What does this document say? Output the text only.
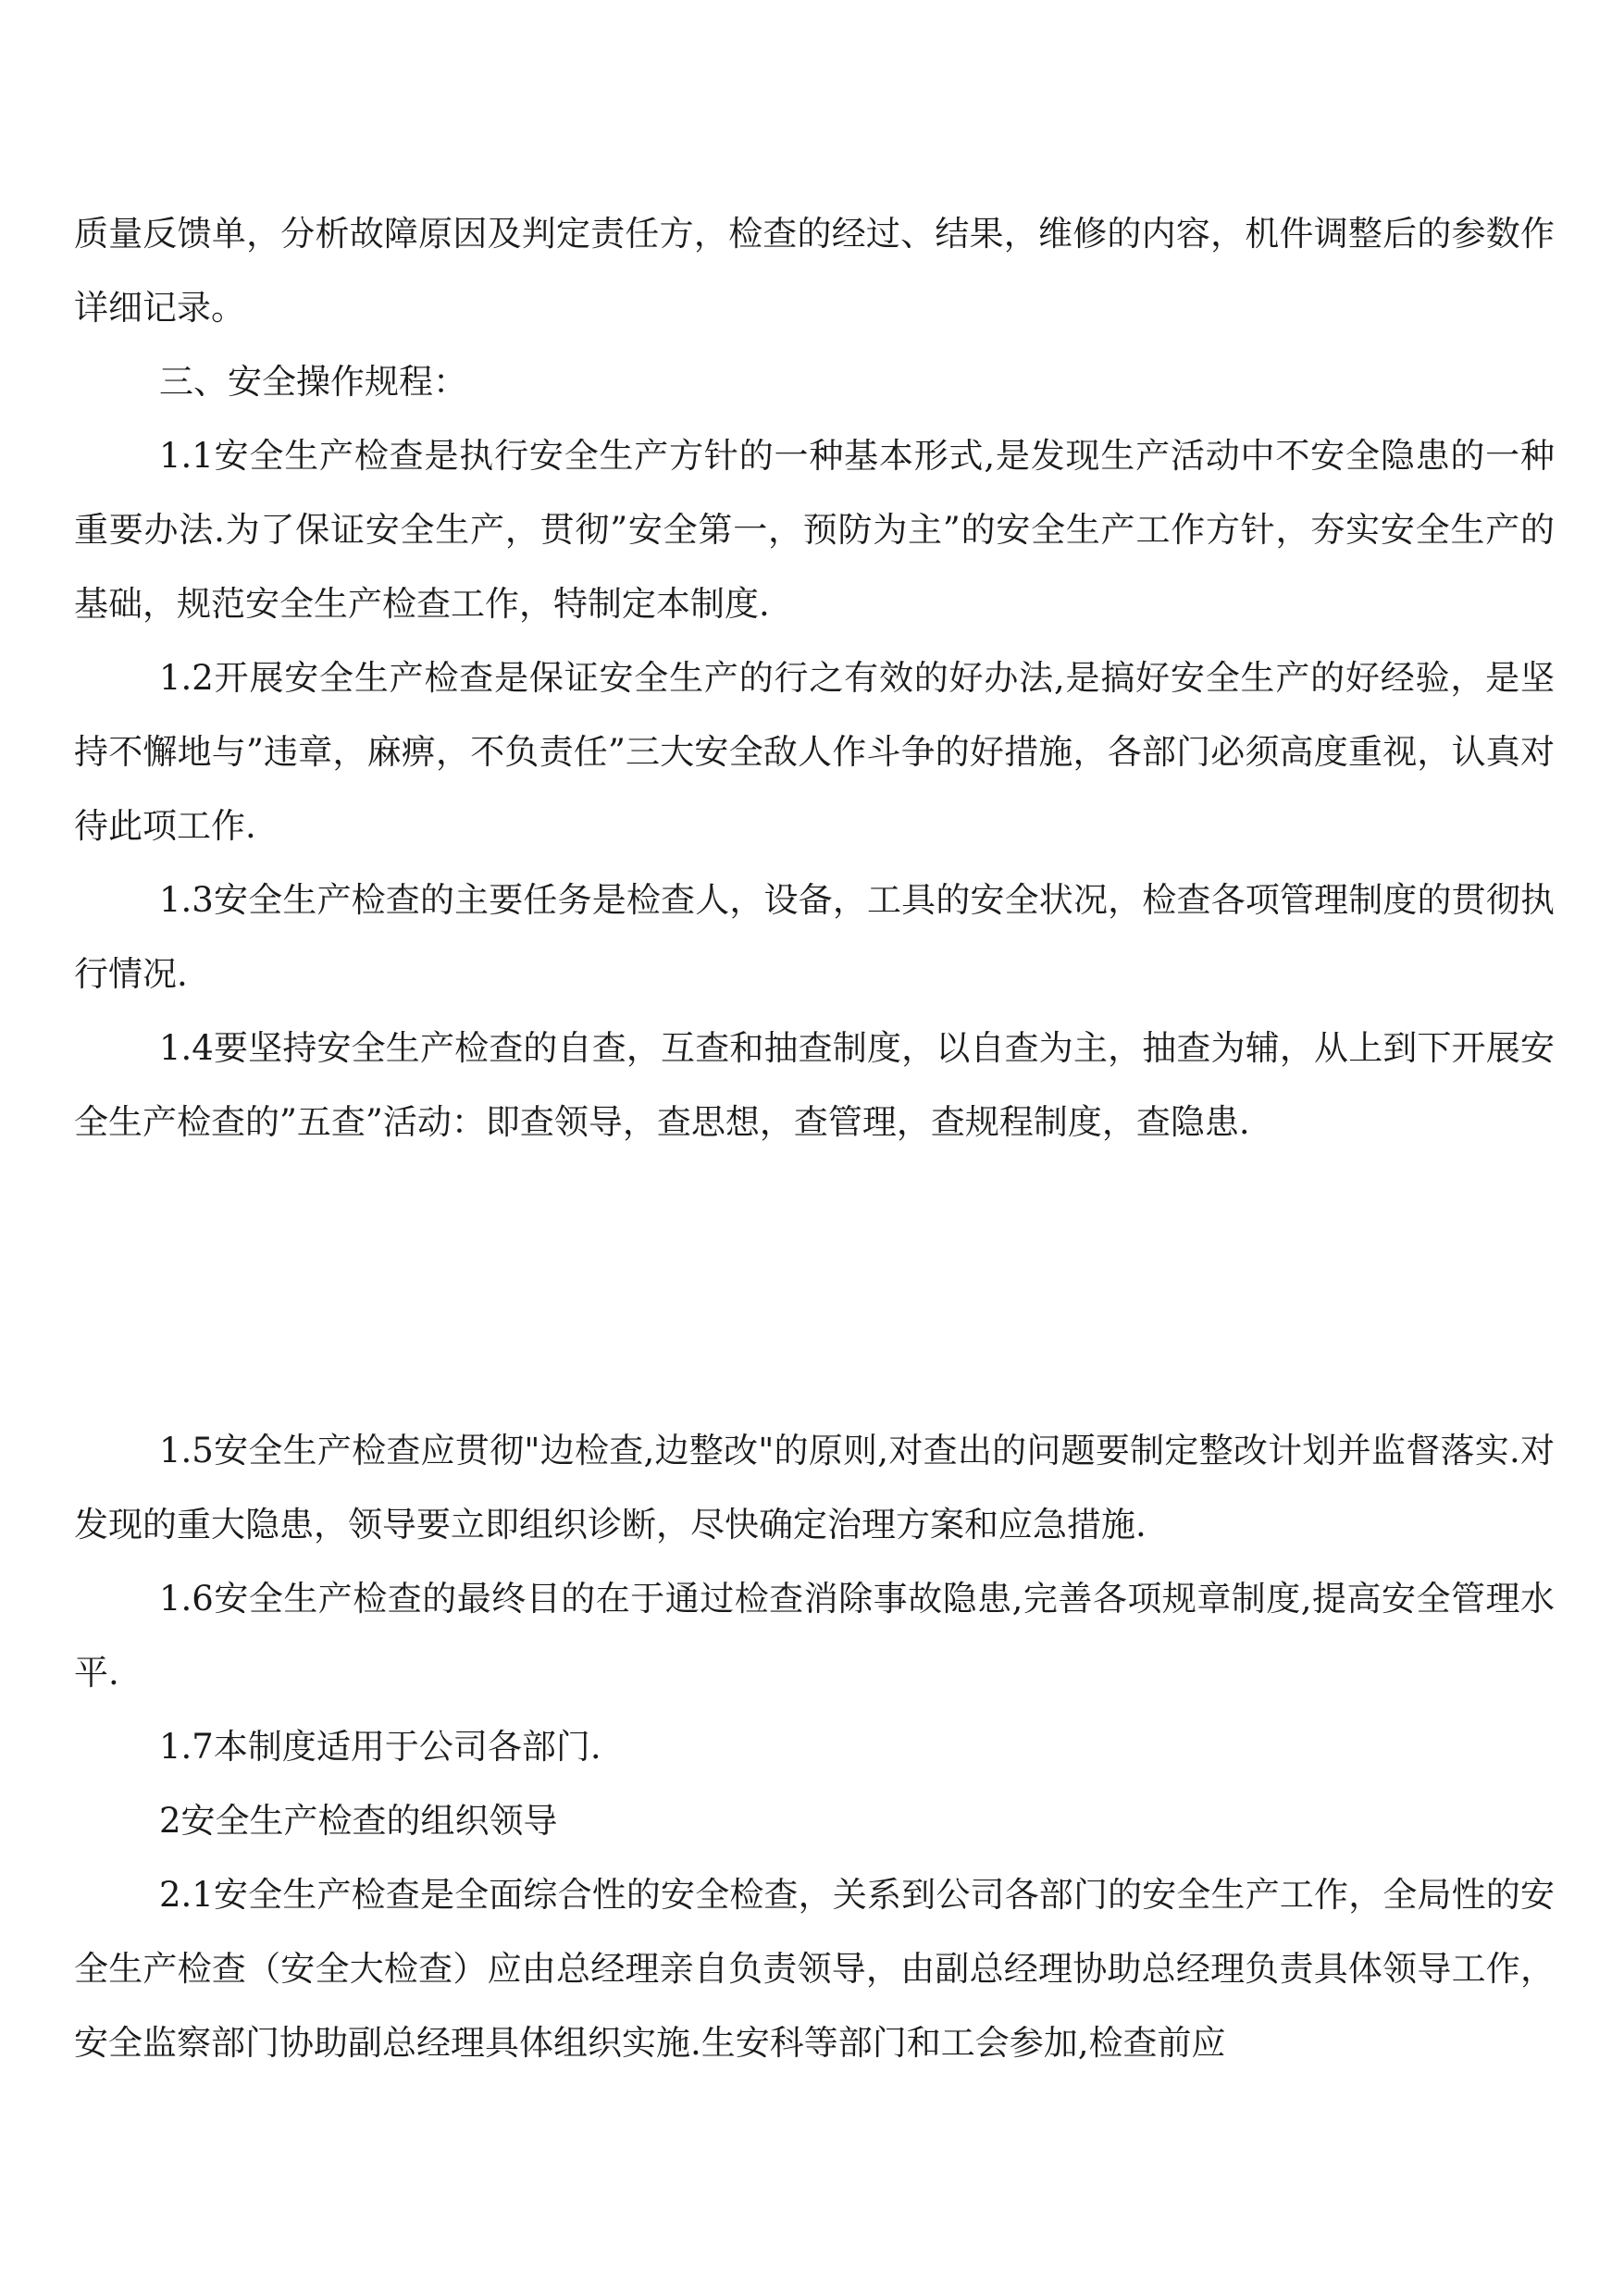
质量反馈单，分析故障原因及判定责任方，检查的经过、结果，维修的内容，机件调整后的参数作详细记录。

三、安全操作规程：

1.1安全生产检查是执行安全生产方针的一种基本形式,是发现生产活动中不安全隐患的一种重要办法.为了保证安全生产，贯彻”安全第一，预防为主”的安全生产工作方针，夯实安全生产的基础，规范安全生产检查工作，特制定本制度.

1.2开展安全生产检查是保证安全生产的行之有效的好办法,是搞好安全生产的好经验，是坚持不懈地与”违章，麻痹，不负责任”三大安全敌人作斗争的好措施，各部门必须高度重视，认真对待此项工作.

1.3安全生产检查的主要任务是检查人，设备，工具的安全状况，检查各项管理制度的贯彻执行情况.

1.4要坚持安全生产检查的自查，互查和抽查制度，以自查为主，抽查为辅，从上到下开展安全生产检查的”五查”活动：即查领导，查思想，查管理，查规程制度，查隐患.

1.5安全生产检查应贯彻"边检查,边整改"的原则,对查出的问题要制定整改计划并监督落实.对发现的重大隐患，领导要立即组织诊断，尽快确定治理方案和应急措施.

1.6安全生产检查的最终目的在于通过检查消除事故隐患,完善各项规章制度,提高安全管理水平.

1.7本制度适用于公司各部门.

2安全生产检查的组织领导

2.1安全生产检查是全面综合性的安全检查，关系到公司各部门的安全生产工作，全局性的安全生产检查（安全大检查）应由总经理亲自负责领导，由副总经理协助总经理负责具体领导工作，安全监察部门协助副总经理具体组织实施.生安科等部门和工会参加,检查前应
